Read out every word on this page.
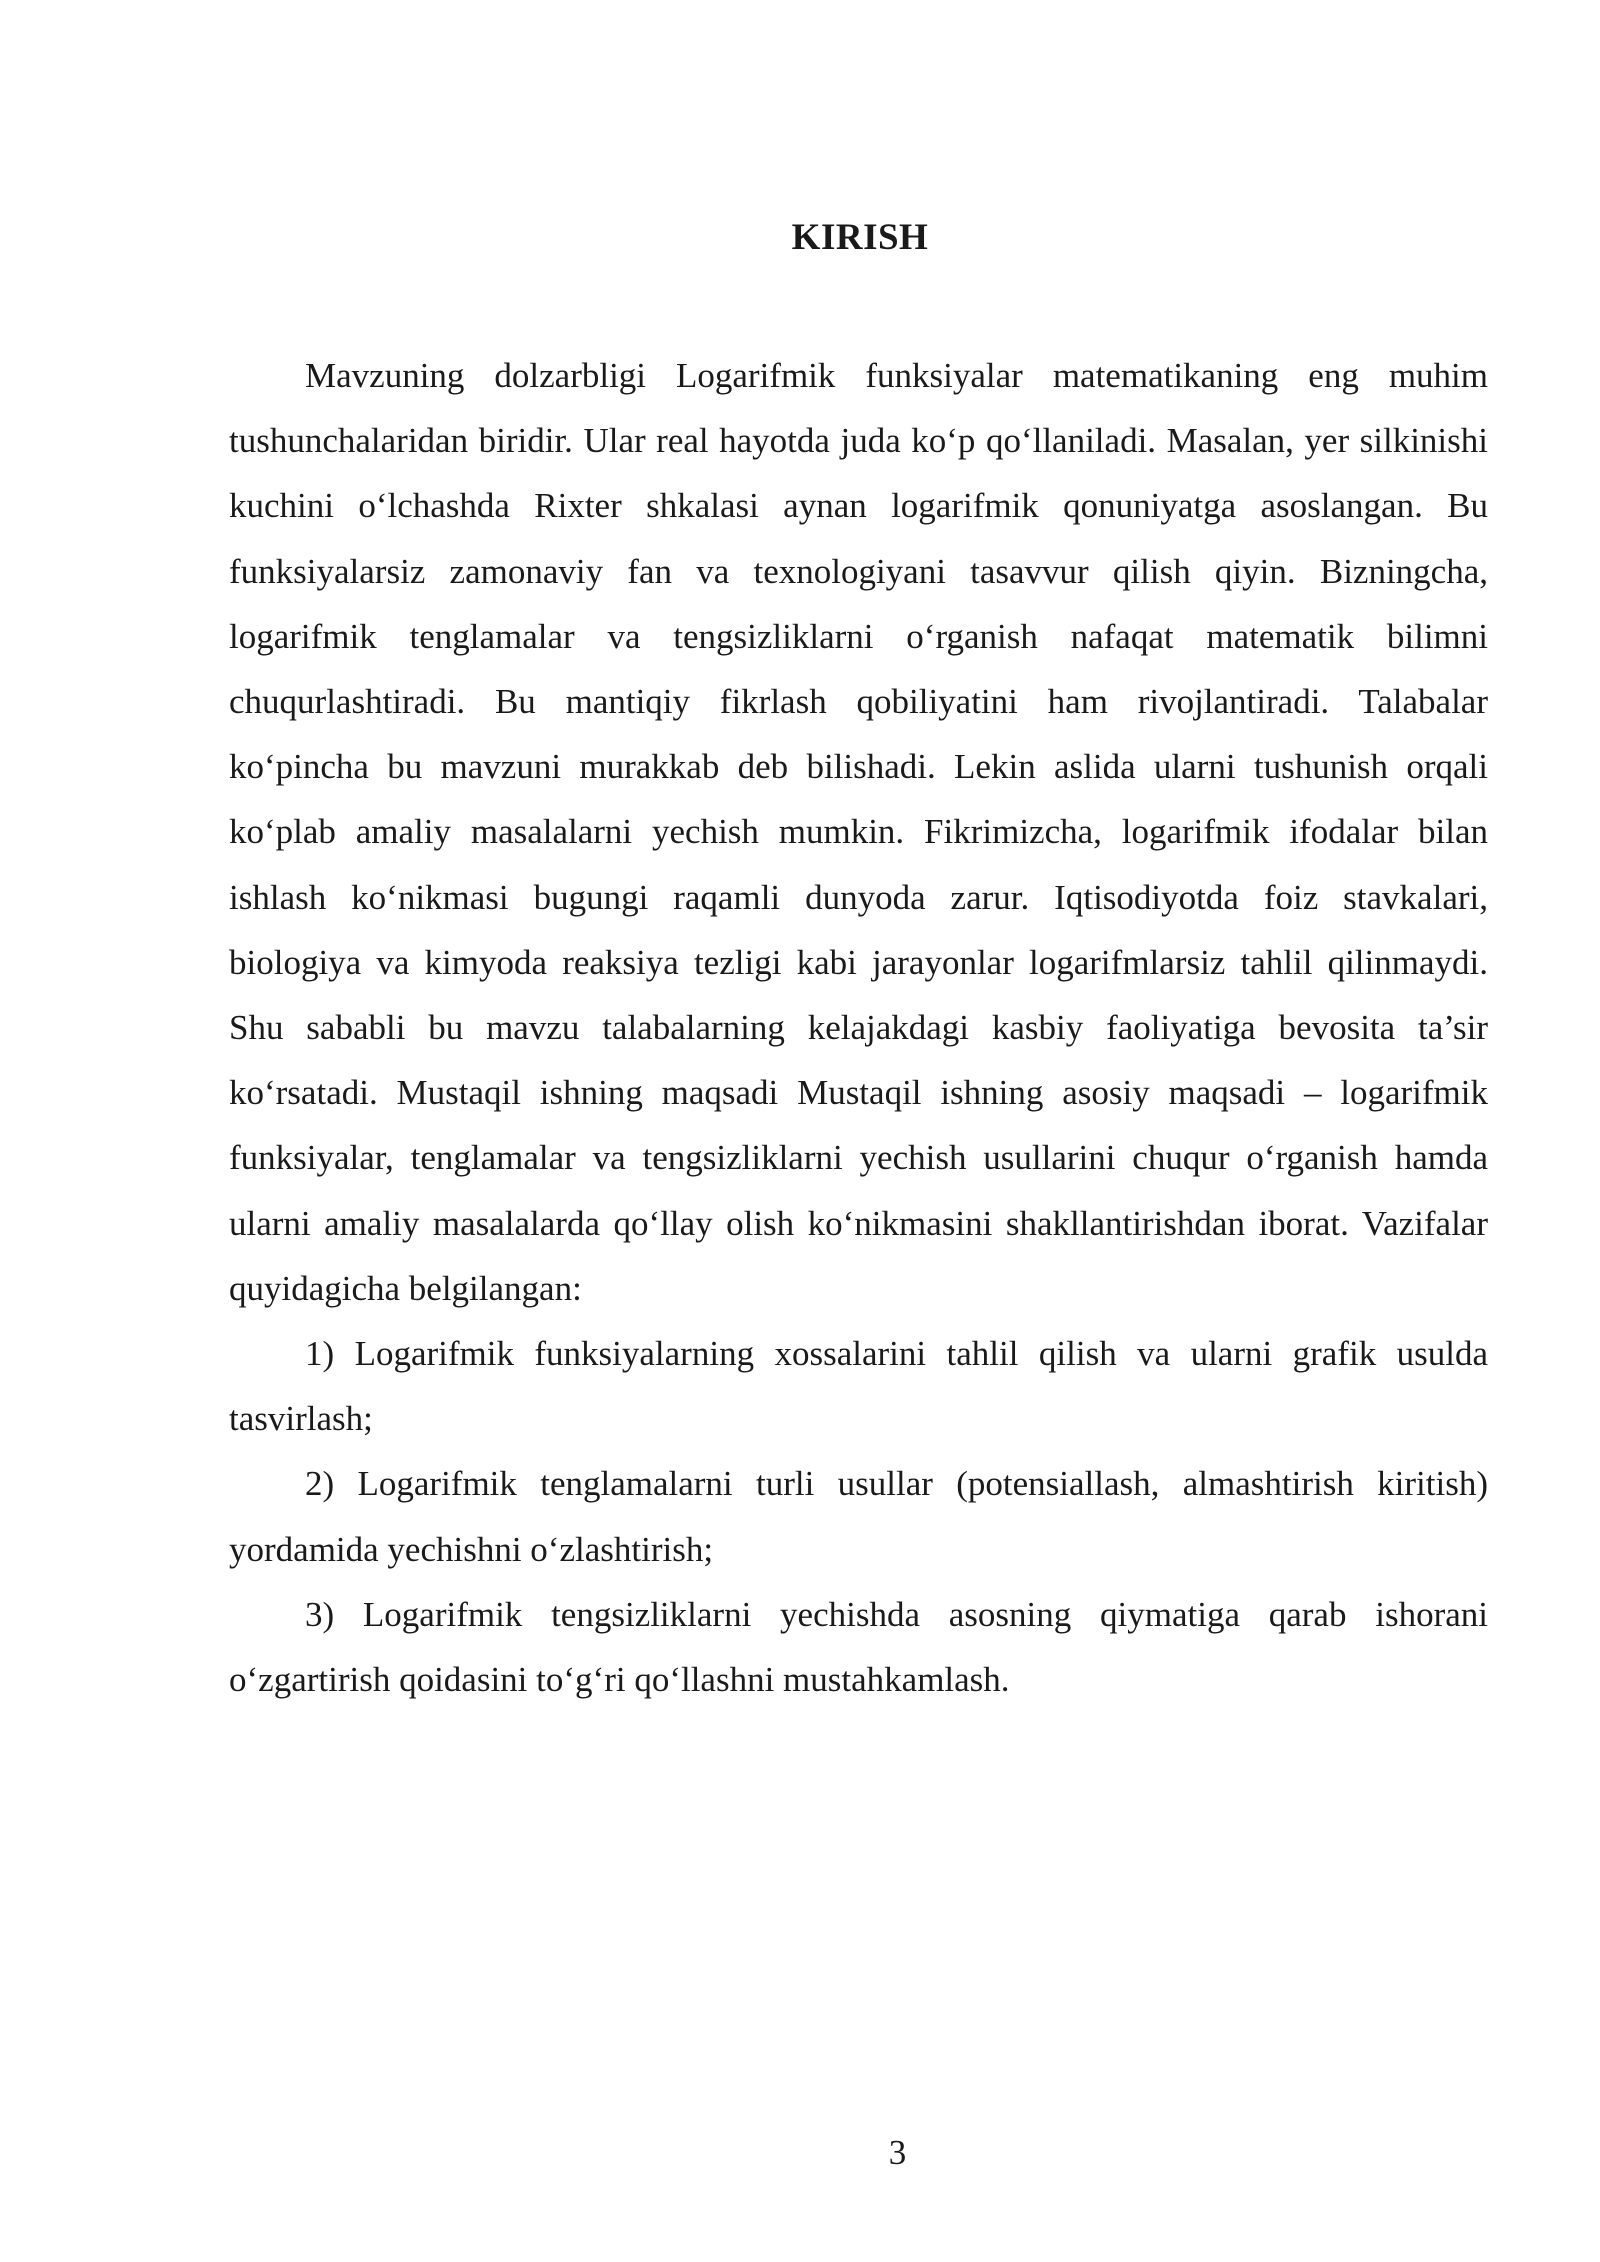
KIRISH

Mavzuning dolzarbligi Logarifmik funksiyalar matematikaning eng muhim tushunchalaridan biridir. Ular real hayotda juda ko‘p qo‘llaniladi. Masalan, yer silkinishi kuchini o‘lchashda Rixter shkalasi aynan logarifmik qonuniyatga asoslangan. Bu funksiyalarsiz zamonaviy fan va texnologiyani tasavvur qilish qiyin. Bizningcha, logarifmik tenglamalar va tengsizliklarni o‘rganish nafaqat matematik bilimni chuqurlashtiradi. Bu mantiqiy fikrlash qobiliyatini ham rivojlantiradi. Talabalar ko‘pincha bu mavzuni murakkab deb bilishadi. Lekin aslida ularni tushunish orqali ko‘plab amaliy masalalarni yechish mumkin. Fikrimizcha, logarifmik ifodalar bilan ishlash ko‘nikmasi bugungi raqamli dunyoda zarur. Iqtisodiyotda foiz stavkalari, biologiya va kimyoda reaksiya tezligi kabi jarayonlar logarifmlarsiz tahlil qilinmaydi. Shu sababli bu mavzu talabalarning kelajakdagi kasbiy faoliyatiga bevosita ta’sir ko‘rsatadi. Mustaqil ishning maqsadi Mustaqil ishning asosiy maqsadi – logarifmik funksiyalar, tenglamalar va tengsizliklarni yechish usullarini chuqur o‘rganish hamda ularni amaliy masalalarda qo‘llay olish ko‘nikmasini shakllantirishdan iborat. Vazifalar quyidagicha belgilangan:

1) Logarifmik funksiyalarning xossalarini tahlil qilish va ularni grafik usulda tasvirlash;

2) Logarifmik tenglamalarni turli usullar (potensiallash, almashtirish kiritish) yordamida yechishni o‘zlashtirish;

3) Logarifmik tengsizliklarni yechishda asosning qiymatiga qarab ishorani o‘zgartirish qoidasini to‘g‘ri qo‘llashni mustahkamlash.

3
